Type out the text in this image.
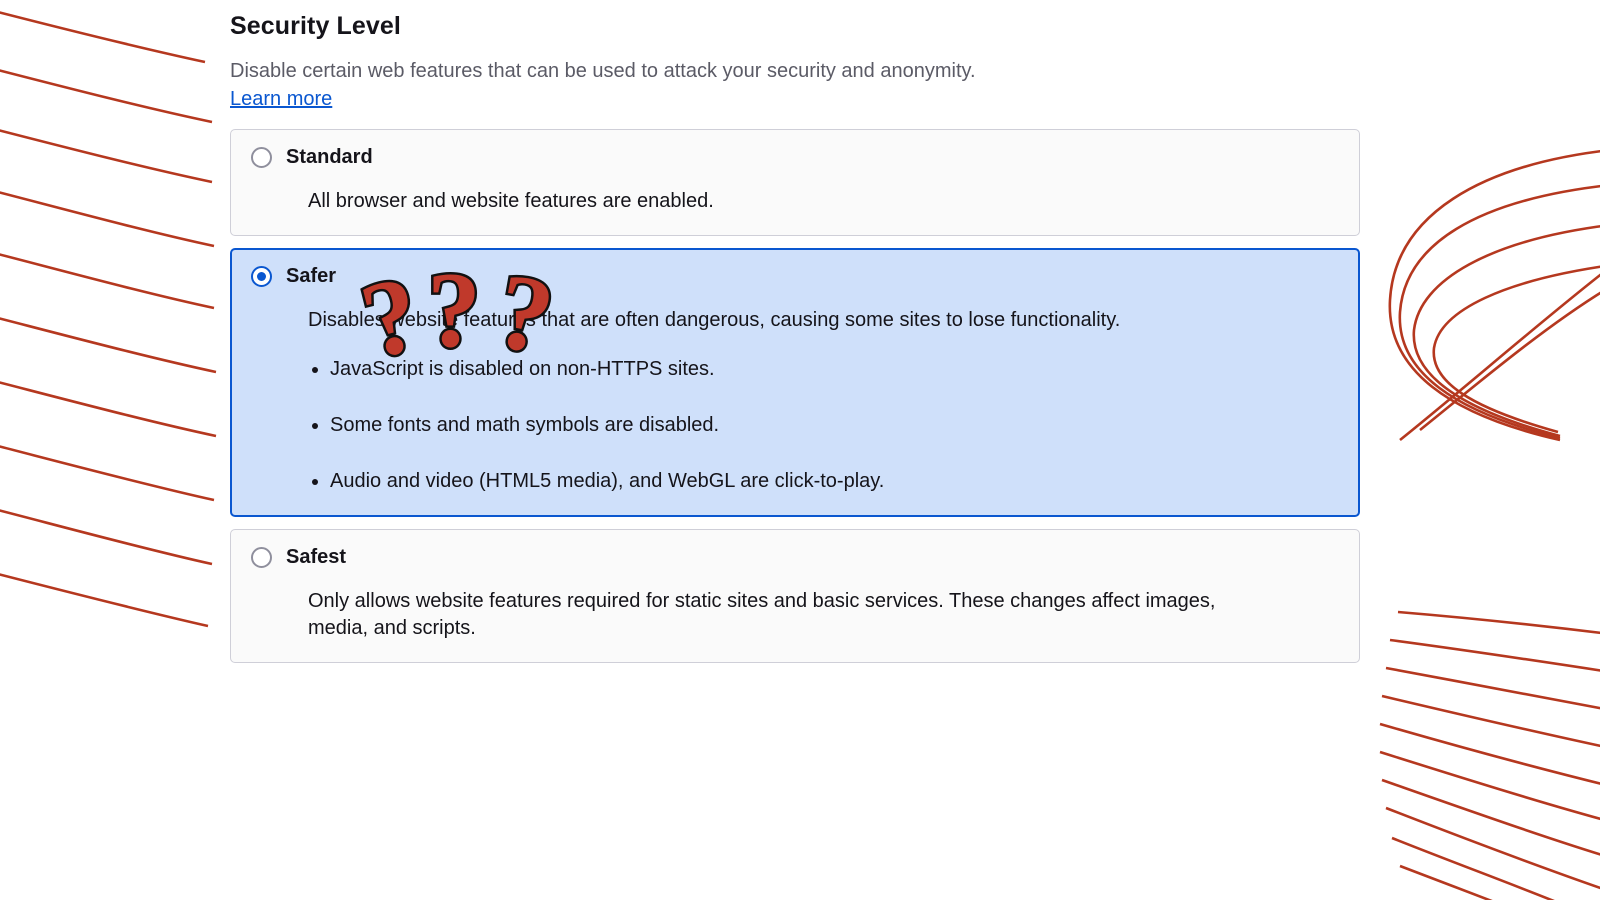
Security Level

Disable certain web features that can be used to attack your security and anonymity.

Learn more
Standard
All browser and website features are enabled.
Safer
Disables website features that are often dangerous, causing some sites to lose functionality.
• JavaScript is disabled on non-HTTPS sites.
• Some fonts and math symbols are disabled.
• Audio and video (HTML5 media), and WebGL are click-to-play.
Safest
Only allows website features required for static sites and basic services. These changes affect images, media, and scripts.
?
? ?
